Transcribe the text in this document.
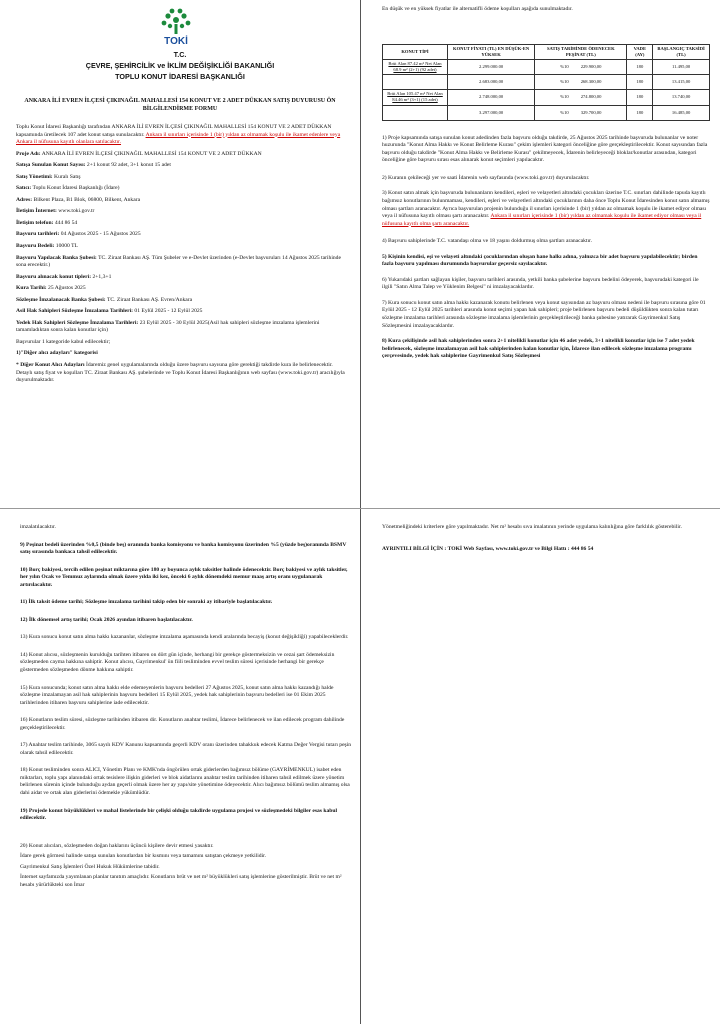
TOKİ
T.C.
ÇEVRE, ŞEHİRCİLİK ve İKLİM DEĞİŞİKLİĞİ BAKANLIĞI
TOPLU KONUT İDARESİ BAŞKANLIĞI
ANKARA İLİ EVREN İLÇESİ ÇIKINAĞIL MAHALLESİ 154 KONUT VE 2 ADET DÜKKAN SATIŞ DUYURUSU ÖN BİLGİLENDİRME FORMU

Toplu Konut İdaresi Başkanlığı tarafından ANKARA İLİ EVREN İLÇESİ ÇIKINAĞIL MAHALLESİ 154 KONUT VE 2 ADET DÜKKAN kapsamında üretilecek 107 adet konut satışa sunulacaktır. Ankara il sınırları içerisinde 1 (bir) yıldan az olmamak koşulu ile ikamet edenlere veya Ankara il nüfusuna kayıtlı olanlara satılacaktır.

Proje Adı: ANKARA İLİ EVREN İLÇESİ ÇIKINAĞIL MAHALLESİ 154 KONUT VE 2 ADET DÜKKAN

Satışa Sunulan Konut Sayısı: 2+1 konut 92 adet, 3+1 konut 15 adet

Satış Yönetimi: Kuralı Satış

Satıcı: Toplu Konut İdaresi Başkanlığı (İdare)

Adres: Bilkent Plaza, B1 Blok, 06800, Bilkent, Ankara

İletişim İnternet: www.toki.gov.tr

İletişim telefon: 444 86 54

Başvuru tarihleri: 04 Ağustos 2025 - 15 Ağustos 2025

Başvuru Bedeli: 10000 TL

Başvuru Yapılacak Banka Şubesi: TC. Ziraat Bankası AŞ. Tüm Şubeler ve e-Devlet üzerinden (e-Devlet başvuruları 14 Ağustos 2025 tarihinde sona erecektir.)

Başvuru alınacak konut tipleri: 2+1,3+1

Kura Tarihi: 25 Ağustos 2025

Sözleşme İmzalanacak Banka Şubesi: TC. Ziraat Bankası AŞ. Evren/Ankara

Asil Hak Sahipleri Sözleşme İmzalama Tarihleri: 01 Eylül 2025 - 12 Eylül 2025

Yedek Hak Sahipleri Sözleşme İmzalama Tarihleri: 23 Eylül 2025 - 30 Eylül 2025(Asil hak sahipleri sözleşme imzalama işlemlerini tamamladıktan sonra kalan konutlar için)

Başvurular 1 kategoride kabul edilecektir;

1)"Diğer alıcı adayları" kategorisi

* Diğer Konut Alıcı Adayları İdaremiz genel uygulamalarında olduğu üzere başvuru sayısına göre gerektiği takdirde kura ile belirlenecektir.
Detaylı satış fiyat ve koşulları TC. Ziraat Bankası AŞ. şubelerinde ve Toplu Konut İdaresi Başkanlığının web sayfası (www.toki.gov.tr) aracılığıyla duyurulmaktadır.

En düşük ve en yüksek fiyatlar ile alternatifli ödeme koşulları aşağıda sunulmaktadır.

KONUT TİPİ	KONUT FİYATI (TL) EN DÜŞÜK-EN YÜKSEK	SATIŞ TARİHİNDE ÖDENECEK PEŞİNAT (TL)	VADE (AY)	BAŞLANGIÇ TAKSİDİ (TL)
Brüt Alan 87.42 m² Net Alan 68.9 m² (2+1) (92 adet)	2.299.000.00	%10 229.900,00	180	11.495,00
	2.683.000,00	%10 268.300,00	180	13.415,00
Brüt Alan 105.47 m² Net Alan 84.46 m² (3+1) (15 adet)	2.748.000,00	%10 274.800,00	180	13.740,00
	3.297.000,00	%10 329.700,00	180	16.485,00

1) Proje kapsamında satışa sunulan konut adedinden fazla başvuru olduğu takdirde, 25 Ağustos 2025 tarihinde başvuruda bulunanlar ve noter huzurunda "Konut Alma Hakkı ve Konut Belirleme Kurası" çekim işlemleri kategori önceliğine göre gerçekleştirilecektir. Konut sayısından fazla başvuru olduğu takdirde "Konut Alma Hakkı ve Belirleme Kurası" çekilmeyecek, İdarenin belirleyeceği bloklar/konutlar arasından, kategori önceliğine göre başvuru sırası esas alınarak konut seçimleri yapılacaktır.

2) Kuranın çekileceği yer ve saati İdarenin web sayfasında (www.toki.gov.tr) duyurulacaktır.

3) Konut satın almak için başvuruda bulunanların kendileri, eşleri ve velayetleri altındaki çocukları üzerine T.C. sınırları dahilinde tapuda kayıtlı bağımsız konutlarının bulunmaması, kendileri, eşleri ve velayetleri altındaki çocuklarının daha önce Toplu Konut İdaresinden konut satın almamış olması şartları aranacaktır. Ayrıca başvurulan projenin bulunduğu il sınırları içerisinde 1 (bir) yıldan az olmamak koşulu ile ikamet ediyor olması veya il nüfusuna kayıtlı olması şartı aranacaktır. Ankara il sınırları içerisinde 1 (bir) yıldan az olmamak koşulu ile ikamet ediyor olması veya il nüfusuna kayıtlı olma şartı aranacaktır.

4) Başvuru sahiplerinde T.C. vatandaşı olma ve 18 yaşını doldurmuş olma şartları aranacaktır.

5) Kişinin kendisi, eşi ve velayeti altındaki çocuklarından oluşan hane halkı adına, yalnızca bir adet başvuru yapılabilecektir; birden fazla başvuru yapılması durumunda başvurular geçersiz sayılacaktır.

6) Yukarıdaki şartları sağlayan kişiler, başvuru tarihleri arasında, yetkili banka şubelerine başvuru bedelini ödeyerek, başvurudaki kategori ile ilgili "Satın Alma Talep ve Yüklenim Belgesi" ni imzalayacaklardır.

7) Kura sonucu konut satın alma hakkı kazanarak konutu belirlenen veya konut sayısından az başvuru olması nedeni ile başvuru sırasına göre 01 Eylül 2025 - 12 Eylül 2025 tarihleri arasında konut seçimi yapan hak sahipleri; proje belirlenen başvuru bedeli düşüldükten sonra kalan tutarı sözleşme imzalama tarihleri arasında sözleşme imzalama işlemlerinin gerçekleştirileceği banka şubesine yatırarak Gayrimenkul Satış Sözleşmesini imzalayacaklardır.

8) Kura çekilişinde asil hak sahiplerinden sonra 2+1 nitelikli konutlar için 46 adet yedek, 3+1 nitelikli konutlar için ise 7 adet yedek belirlenecek, sözleşme imzalamayan asil hak sahiplerinden kalan konutlar için, İdarece ilan edilecek sözleşme imzalama programı çerçevesinde, yedek hak sahiplerine Gayrimenkul Satış Sözleşmesi

imzalatılacaktır.

9) Peşinat bedeli üzerinden %0,5 (binde beş) oranında banka komisyonu ve banka komisyonu üzerinden %5 (yüzde beş)oranında BSMV satış sırasında bankaca tahsil edilecektir.

10) Borç bakiyesi, tercih edilen peşinat miktarına göre 180 ay boyunca aylık taksitler halinde ödenecektir. Borç bakiyesi ve aylık taksitler, her yılın Ocak ve Temmuz aylarında olmak üzere yılda iki kez, önceki 6 aylık dönemdeki memur maaş artış oranı uygulanarak artırılacaktır.

11) İlk taksit ödeme tarihi; Sözleşme imzalama tarihini takip eden bir sonraki ay itibariyle başlatılacaktır.

12) İlk dönemsel artış tarihi; Ocak 2026 ayından itibaren başlatılacaktır.

13) Kura sonucu konut satın alma hakkı kazananlar, sözleşme imzalama aşamasında kendi aralarında becayiş (konut değişikliği) yapabileceklerdir.

14) Konut alıcısı, sözleşmenin kurulduğu tarihten itibaren on dört gün içinde, herhangi bir gerekçe göstermeksizin ve cezai şart ödemeksizin sözleşmeden cayma hakkına sahiptir. Konut alıcısı, Gayrimenkul' ün fiili tesliminden evvel teslim süresi içerisinde herhangi bir gerekçe göstermeden sözleşmeden dönme hakkına sahiptir.

15) Kura sonucunda; konut satın alma hakkı elde edemeyenlerin başvuru bedelleri 27 Ağustos 2025, konut satın alma hakkı kazandığı halde sözleşme imzalamayan asil hak sahiplerinin başvuru bedelleri 15 Eylül 2025, yedek hak sahiplerinin başvuru bedelleri ise 01 Ekim 2025 tarihlerinden itibaren başvuru sahiplerine iade edilecektir.

16) Konutların teslim süresi, sözleşme tarihinden itibaren dir. Konutların anahtar teslimi, İdarece belirlenecek ve ilan edilecek program dahilinde gerçekleştirilecektir.

17) Anahtar teslim tarihinde, 3065 sayılı KDV Kanunu kapsamında geçerli KDV oranı üzerinden tahakkuk edecek Katma Değer Vergisi tutarı peşin olarak tahsil edilecektir.

18) Konut tesliminden sonra ALICI, Yönetim Planı ve KMK'nda öngörülen ortak giderlerden bağımsız bölüme (GAYRİMENKUL) isabet eden miktarları, toplu yapı alanındaki ortak tesislere ilişkin giderleri ve blok aidatlarını anahtar teslim tarihinden itibaren tahsil edilmek üzere yönetim belirlenen sürenin içinde bulunduğu aydan geçerli olmak üzere her ay yapı/site yönetimine ödeyecektir. Alıcı bağımsız bölümü teslim almamış olsa dahi aidat ve ortak alan giderlerini ödemekle yükümlüdür.

19) Projede konut büyüklükleri ve mahal listelerinde bir çelişki olduğu takdirde uygulama projesi ve sözleşmedeki bilgiler esas kabul edilecektir.

20) Konut alıcıları, sözleşmeden doğan haklarını üçüncü kişilere devir etmesi yasaktır.

İdare gerek görmesi halinde satışa sunulan konutlardan bir kısmını veya tamamını satıştan çekmeye yetkilidir.

Gayrimenkul Satış İşlemleri Özel Hukuk Hükümlerine tabidir.

İnternet sayfamızda yayımlanan planlar tanıtım amaçlıdır. Konutların brüt ve net m² büyüklükleri satış işlemlerine gösterilmiştir. Brüt ve net m² hesabı yürürlükteki son İmar

Yönetmeliğindeki kriterlere göre yapılmaktadır. Net m² hesabı sıva imalatının yerinde uygulama kalınlığına göre farklılık gösterebilir.

AYRINTILI BİLGİ İÇİN : TOKİ Web Sayfası, www.toki.gov.tr ve Bilgi Hattı : 444 86 54
